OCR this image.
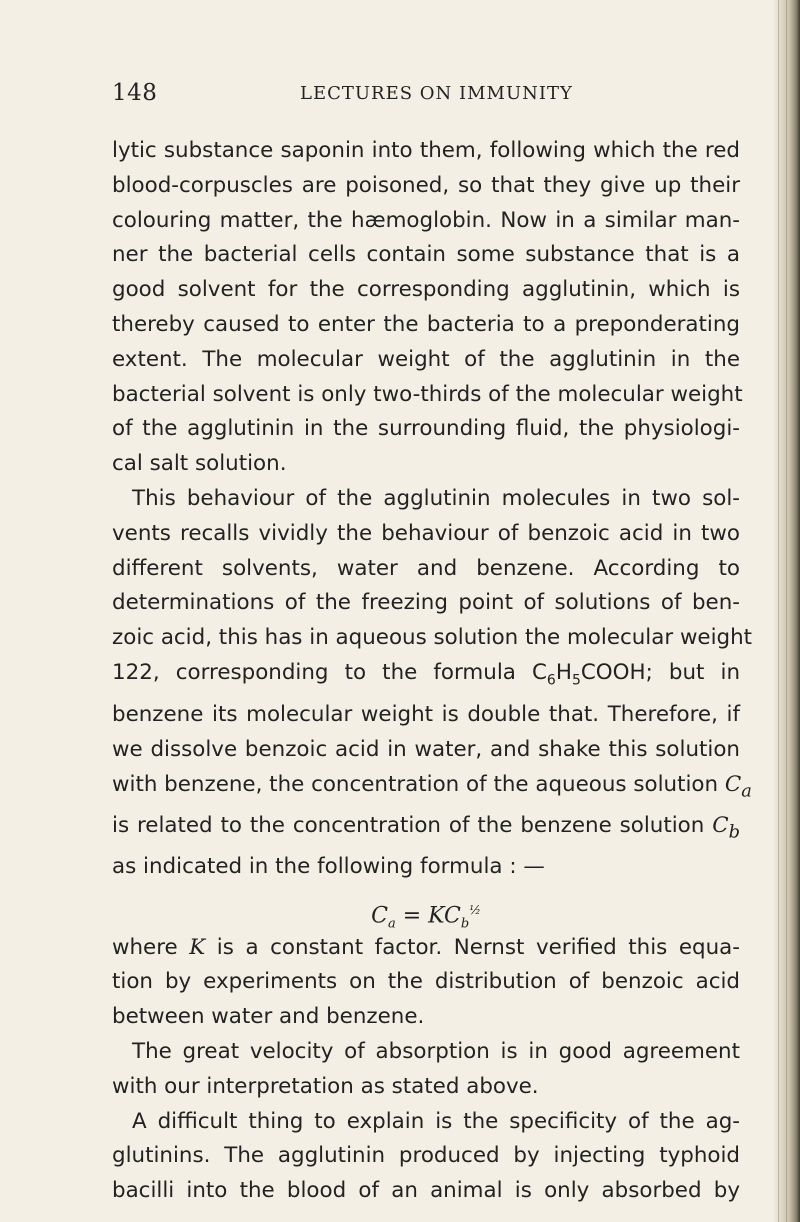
148	LECTURES ON IMMUNITY

lytic substance saponin into them, following which the red
blood-corpuscles are poisoned, so that they give up their
colouring matter, the hæmoglobin. Now in a similar man-
ner the bacterial cells contain some substance that is a
good solvent for the corresponding agglutinin, which is
thereby caused to enter the bacteria to a preponderating
extent. The molecular weight of the agglutinin in the
bacterial solvent is only two-thirds of the molecular weight
of the agglutinin in the surrounding fluid, the physiologi-
cal salt solution.

This behaviour of the agglutinin molecules in two sol-
vents recalls vividly the behaviour of benzoic acid in two
different solvents, water and benzene. According to
determinations of the freezing point of solutions of ben-
zoic acid, this has in aqueous solution the molecular weight
122, corresponding to the formula $C_6H_5COOH$; but in
benzene its molecular weight is double that. Therefore, if
we dissolve benzoic acid in water, and shake this solution
with benzene, the concentration of the aqueous solution $C_a$
is related to the concentration of the benzene solution $C_b$
as indicated in the following formula : —

$C_a = KC_b^{\frac{1}{2}}$

where K is a constant factor. Nernst verified this equa-
tion by experiments on the distribution of benzoic acid
between water and benzene.

The great velocity of absorption is in good agreement
with our interpretation as stated above.

A difficult thing to explain is the specificity of the ag-
glutinins. The agglutinin produced by injecting typhoid
bacilli into the blood of an animal is only absorbed by
